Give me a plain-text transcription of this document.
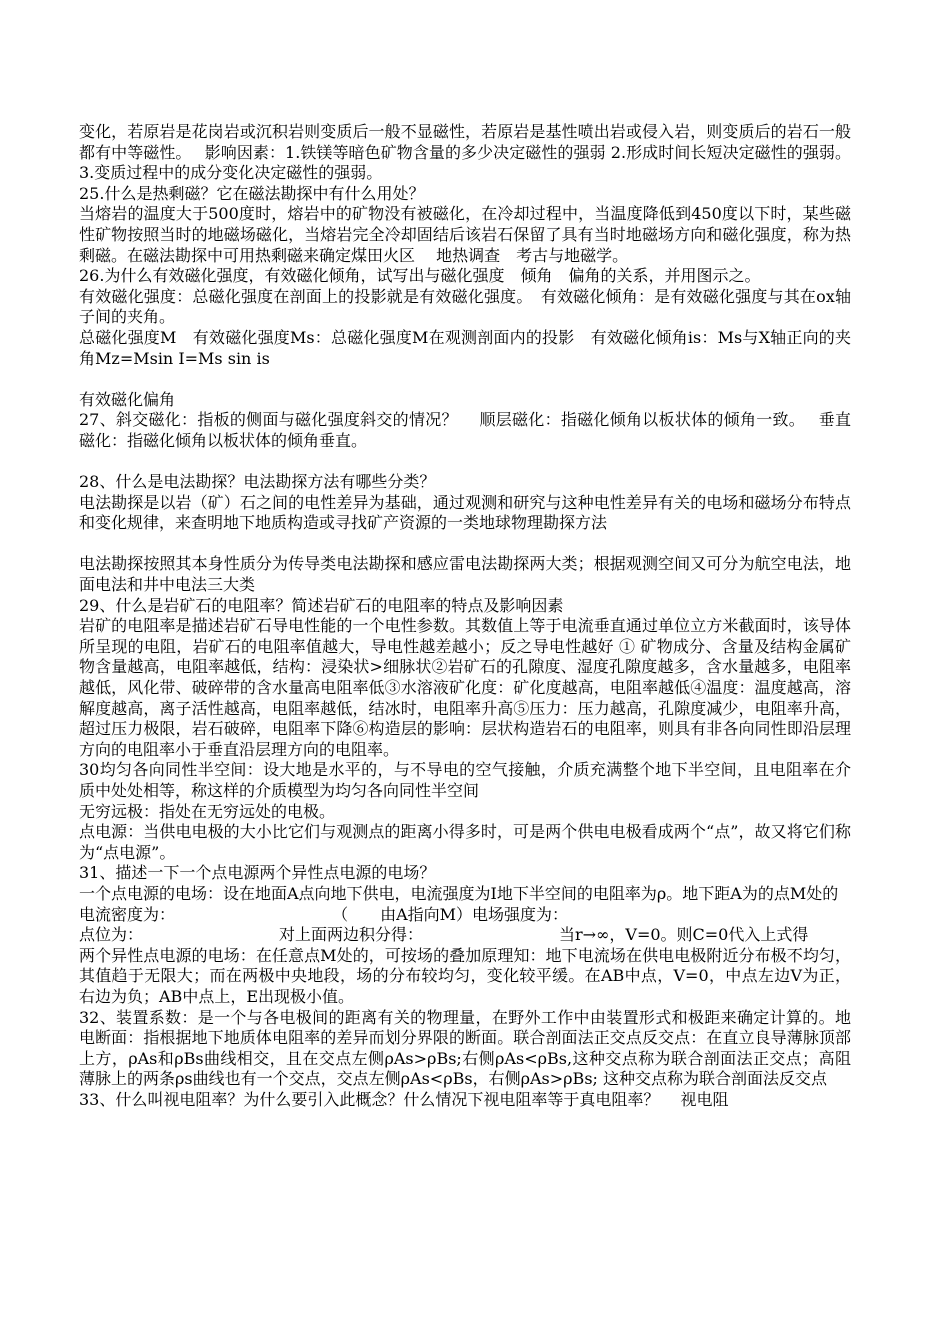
变化，若原岩是花岗岩或沉积岩则变质后一般不显磁性，若原岩是基性喷出岩或侵入岩，则变质后的岩石一般都有中等磁性。　 影响因素：1.铁镁等暗色矿物含量的多少决定磁性的强弱 2.形成时间长短决定磁性的强弱。3.变质过程中的成分变化决定磁性的强弱。

25.什么是热剩磁？它在磁法勘探中有什么用处？

当熔岩的温度大于500度时，熔岩中的矿物没有被磁化，在冷却过程中，当温度降低到450度以下时，某些磁性矿物按照当时的地磁场磁化，当熔岩完全冷却固结后该岩石保留了具有当时地磁场方向和磁化强度，称为热剩磁。在磁法勘探中可用热剩磁来确定煤田火区　 地热调查　考古与地磁学。

26.为什么有效磁化强度，有效磁化倾角，试写出与磁化强度　倾角　偏角的关系，并用图示之。

有效磁化强度：总磁化强度在剖面上的投影就是有效磁化强度。　有效磁化倾角：是有效磁化强度与其在ox轴子间的夹角。

总磁化强度M　有效磁化强度Ms：总磁化强度M在观测剖面内的投影　有效磁化倾角is：Ms与X轴正向的夹角Mz=Msin I=Ms sin is

有效磁化偏角

27、斜交磁化：指板的侧面与磁化强度斜交的情况？　 顺层磁化：指磁化倾角以板状体的倾角一致。　 垂直磁化：指磁化倾角以板状体的倾角垂直。

28、什么是电法勘探？电法勘探方法有哪些分类？

电法勘探是以岩（矿）石之间的电性差异为基础，通过观测和研究与这种电性差异有关的电场和磁场分布特点和变化规律，来查明地下地质构造或寻找矿产资源的一类地球物理勘探方法

电法勘探按照其本身性质分为传导类电法勘探和感应雷电法勘探两大类；根据观测空间又可分为航空电法，地面电法和井中电法三大类

29、什么是岩矿石的电阻率？简述岩矿石的电阻率的特点及影响因素

岩矿的电阻率是描述岩矿石导电性能的一个电性参数。其数值上等于电流垂直通过单位立方米截面时，该导体所呈现的电阻，岩矿石的电阻率值越大，导电性越差越小；反之导电性越好 ① 矿物成分、含量及结构金属矿物含量越高，电阻率越低，结构：浸染状>细脉状②岩矿石的孔隙度、湿度孔隙度越多，含水量越多，电阻率越低，风化带、破碎带的含水量高电阻率低③水溶液矿化度：矿化度越高，电阻率越低④温度：温度越高，溶解度越高，离子活性越高，电阻率越低，结冰时，电阻率升高⑤压力：压力越高，孔隙度减少，电阻率升高，超过压力极限，岩石破碎，电阻率下降⑥构造层的影响：层状构造岩石的电阻率，则具有非各向同性即沿层理方向的电阻率小于垂直沿层理方向的电阻率。

30均匀各向同性半空间：设大地是水平的，与不导电的空气接触，介质充满整个地下半空间，且电阻率在介质中处处相等，称这样的介质模型为均匀各向同性半空间

无穷远极：指处在无穷远处的电极。

点电源：当供电电极的大小比它们与观测点的距离小得多时，可是两个供电电极看成两个“点”，故又将它们称为“点电源”。

31、描述一下一个点电源两个异性点电源的电场？

一个点电源的电场：设在地面A点向地下供电，电流强度为I地下半空间的电阻率为ρ。地下距A为的点M处的

电流密度为：　　　　　　　　　　 （　　由A指向M）电场强度为：

点位为：　　　　　　　　　对上面两边积分得：　　　　　　　　　当r→∞，V=0。则C=0代入上式得

两个异性点电源的电场：在任意点M处的，可按场的叠加原理知：地下电流场在供电电极附近分布极不均匀，其值趋于无限大；而在两极中央地段，场的分布较均匀，变化较平缓。在AB中点，V=0，中点左边V为正，右边为负；AB中点上，E出现极小值。

32、装置系数：是一个与各电极间的距离有关的物理量，在野外工作中由装置形式和极距来确定计算的。地电断面：指根据地下地质体电阻率的差异而划分界限的断面。联合剖面法正交点反交点：在直立良导薄脉顶部上方，ρAs和ρBs曲线相交，且在交点左侧ρAs>ρBs;右侧ρAs<ρBs,这种交点称为联合剖面法正交点；高阻薄脉上的两条ρs曲线也有一个交点，交点左侧ρAs<ρBs，右侧ρAs>ρBs; 这种交点称为联合剖面法反交点

33、什么叫视电阻率？为什么要引入此概念？什么情况下视电阻率等于真电阻率？　 视电阻
